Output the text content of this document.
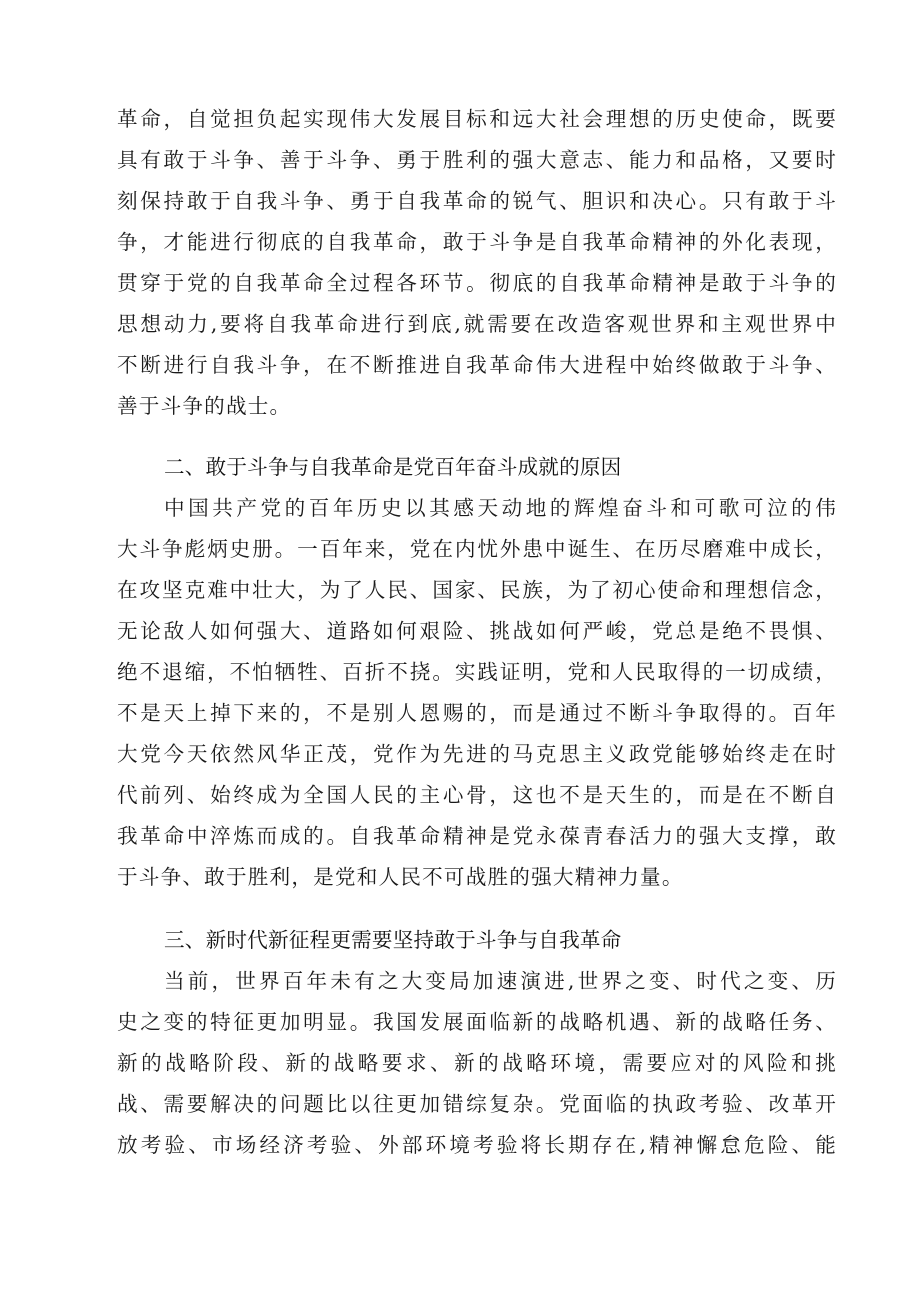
革命，自觉担负起实现伟大发展目标和远大社会理想的历史使命，既要
具有敢于斗争、善于斗争、勇于胜利的强大意志、能力和品格，又要时
刻保持敢于自我斗争、勇于自我革命的锐气、胆识和决心。只有敢于斗
争，才能进行彻底的自我革命，敢于斗争是自我革命精神的外化表现，
贯穿于党的自我革命全过程各环节。彻底的自我革命精神是敢于斗争的
思想动力,要将自我革命进行到底,就需要在改造客观世界和主观世界中
不断进行自我斗争，在不断推进自我革命伟大进程中始终做敢于斗争、
善于斗争的战士。
二、敢于斗争与自我革命是党百年奋斗成就的原因
中国共产党的百年历史以其感天动地的辉煌奋斗和可歌可泣的伟
大斗争彪炳史册。一百年来，党在内忧外患中诞生、在历尽磨难中成长，
在攻坚克难中壮大，为了人民、国家、民族，为了初心使命和理想信念，
无论敌人如何强大、道路如何艰险、挑战如何严峻，党总是绝不畏惧、
绝不退缩，不怕牺牲、百折不挠。实践证明，党和人民取得的一切成绩，
不是天上掉下来的，不是别人恩赐的，而是通过不断斗争取得的。百年
大党今天依然风华正茂，党作为先进的马克思主义政党能够始终走在时
代前列、始终成为全国人民的主心骨，这也不是天生的，而是在不断自
我革命中淬炼而成的。自我革命精神是党永葆青春活力的强大支撑，敢
于斗争、敢于胜利，是党和人民不可战胜的强大精神力量。
三、新时代新征程更需要坚持敢于斗争与自我革命
当前，世界百年未有之大变局加速演进,世界之变、时代之变、历
史之变的特征更加明显。我国发展面临新的战略机遇、新的战略任务、
新的战略阶段、新的战略要求、新的战略环境，需要应对的风险和挑
战、需要解决的问题比以往更加错综复杂。党面临的执政考验、改革开
放考验、市场经济考验、外部环境考验将长期存在,精神懈怠危险、能
